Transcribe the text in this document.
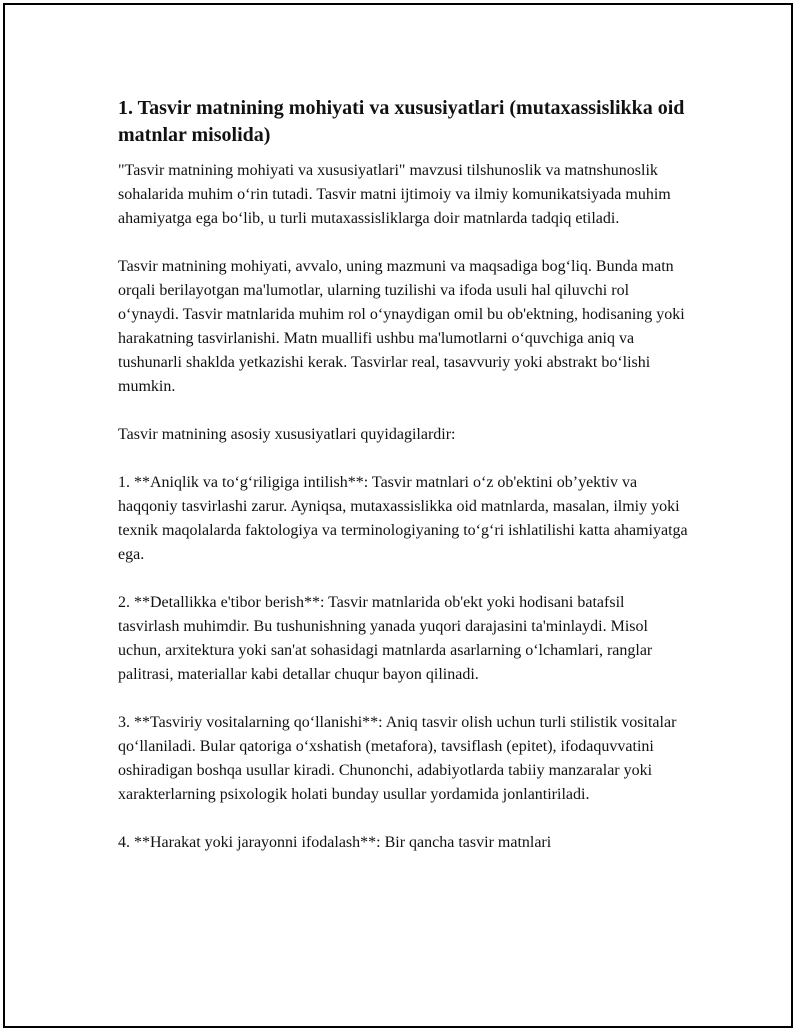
1. Tasvir matnining mohiyati va xususiyatlari (mutaxassislikka oid matnlar misolida)

"Tasvir matnining mohiyati va xususiyatlari" mavzusi tilshunoslik va matnshunoslik sohalarida muhim o‘rin tutadi. Tasvir matni ijtimoiy va ilmiy komunikatsiyada muhim ahamiyatga ega bo‘lib, u turli mutaxassisliklarga doir matnlarda tadqiq etiladi.

Tasvir matnining mohiyati, avvalo, uning mazmuni va maqsadiga bog‘liq. Bunda matn orqali berilayotgan ma'lumotlar, ularning tuzilishi va ifoda usuli hal qiluvchi rol o‘ynaydi. Tasvir matnlarida muhim rol o‘ynaydigan omil bu ob'ektning, hodisaning yoki harakatning tasvirlanishi. Matn muallifi ushbu ma'lumotlarni o‘quvchiga aniq va tushunarli shaklda yetkazishi kerak. Tasvirlar real, tasavvuriy yoki abstrakt bo‘lishi mumkin.

Tasvir matnining asosiy xususiyatlari quyidagilardir:

1. **Aniqlik va to‘g‘riligiga intilish**: Tasvir matnlari o‘z ob'ektini ob’yektiv va haqqoniy tasvirlashi zarur. Ayniqsa, mutaxassislikka oid matnlarda, masalan, ilmiy yoki texnik maqolalarda faktologiya va terminologiyaning to‘g‘ri ishlatilishi katta ahamiyatga ega.

2. **Detallikka e'tibor berish**: Tasvir matnlarida ob'ekt yoki hodisani batafsil tasvirlash muhimdir. Bu tushunishning yanada yuqori darajasini ta'minlaydi. Misol uchun, arxitektura yoki san'at sohasidagi matnlarda asarlarning o‘lchamlari, ranglar palitrasi, materiallar kabi detallar chuqur bayon qilinadi.

3. **Tasviriy vositalarning qo‘llanishi**: Aniq tasvir olish uchun turli stilistik vositalar qo‘llaniladi. Bular qatoriga o‘xshatish (metafora), tavsiflash (epitet), ifodaquvvatini oshiradigan boshqa usullar kiradi. Chunonchi, adabiyotlarda tabiiy manzaralar yoki xarakterlarning psixologik holati bunday usullar yordamida jonlantiriladi.

4. **Harakat yoki jarayonni ifodalash**: Bir qancha tasvir matnlari
